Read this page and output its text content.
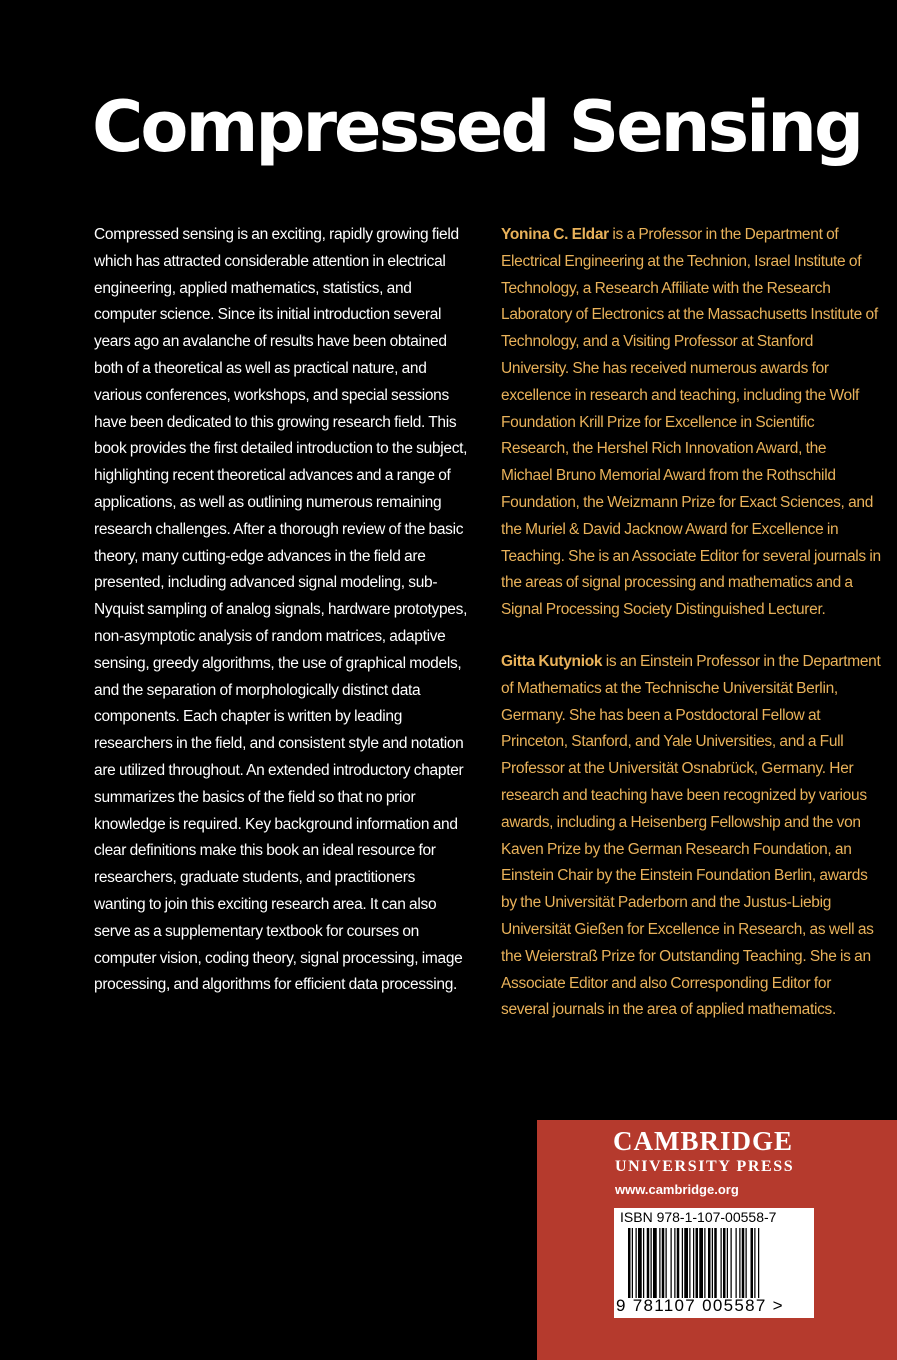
Compressed Sensing

Compressed sensing is an exciting, rapidly growing field which has attracted considerable attention in electrical engineering, applied mathematics, statistics, and computer science. Since its initial introduction several years ago an avalanche of results have been obtained both of a theoretical as well as practical nature, and various conferences, workshops, and special sessions have been dedicated to this growing research field. This book provides the first detailed introduction to the subject, highlighting recent theoretical advances and a range of applications, as well as outlining numerous remaining research challenges. After a thorough review of the basic theory, many cutting-edge advances in the field are presented, including advanced signal modeling, sub-Nyquist sampling of analog signals, hardware prototypes, non-asymptotic analysis of random matrices, adaptive sensing, greedy algorithms, the use of graphical models, and the separation of morphologically distinct data components. Each chapter is written by leading researchers in the field, and consistent style and notation are utilized throughout. An extended introductory chapter summarizes the basics of the field so that no prior knowledge is required. Key background information and clear definitions make this book an ideal resource for researchers, graduate students, and practitioners wanting to join this exciting research area. It can also serve as a supplementary textbook for courses on computer vision, coding theory, signal processing, image processing, and algorithms for efficient data processing.

Yonina C. Eldar is a Professor in the Department of Electrical Engineering at the Technion, Israel Institute of Technology, a Research Affiliate with the Research Laboratory of Electronics at the Massachusetts Institute of Technology, and a Visiting Professor at Stanford University. She has received numerous awards for excellence in research and teaching, including the Wolf Foundation Krill Prize for Excellence in Scientific Research, the Hershel Rich Innovation Award, the Michael Bruno Memorial Award from the Rothschild Foundation, the Weizmann Prize for Exact Sciences, and the Muriel & David Jacknow Award for Excellence in Teaching. She is an Associate Editor for several journals in the areas of signal processing and mathematics and a Signal Processing Society Distinguished Lecturer.

Gitta Kutyniok is an Einstein Professor in the Department of Mathematics at the Technische Universität Berlin, Germany. She has been a Postdoctoral Fellow at Princeton, Stanford, and Yale Universities, and a Full Professor at the Universität Osnabrück, Germany. Her research and teaching have been recognized by various awards, including a Heisenberg Fellowship and the von Kaven Prize by the German Research Foundation, an Einstein Chair by the Einstein Foundation Berlin, awards by the Universität Paderborn and the Justus-Liebig Universität Gießen for Excellence in Research, as well as the Weierstraß Prize for Outstanding Teaching. She is an Associate Editor and also Corresponding Editor for several journals in the area of applied mathematics.

CAMBRIDGE

UNIVERSITY PRESS

www.cambridge.org

ISBN 978-1-107-00558-7
9 781107 005587 >
